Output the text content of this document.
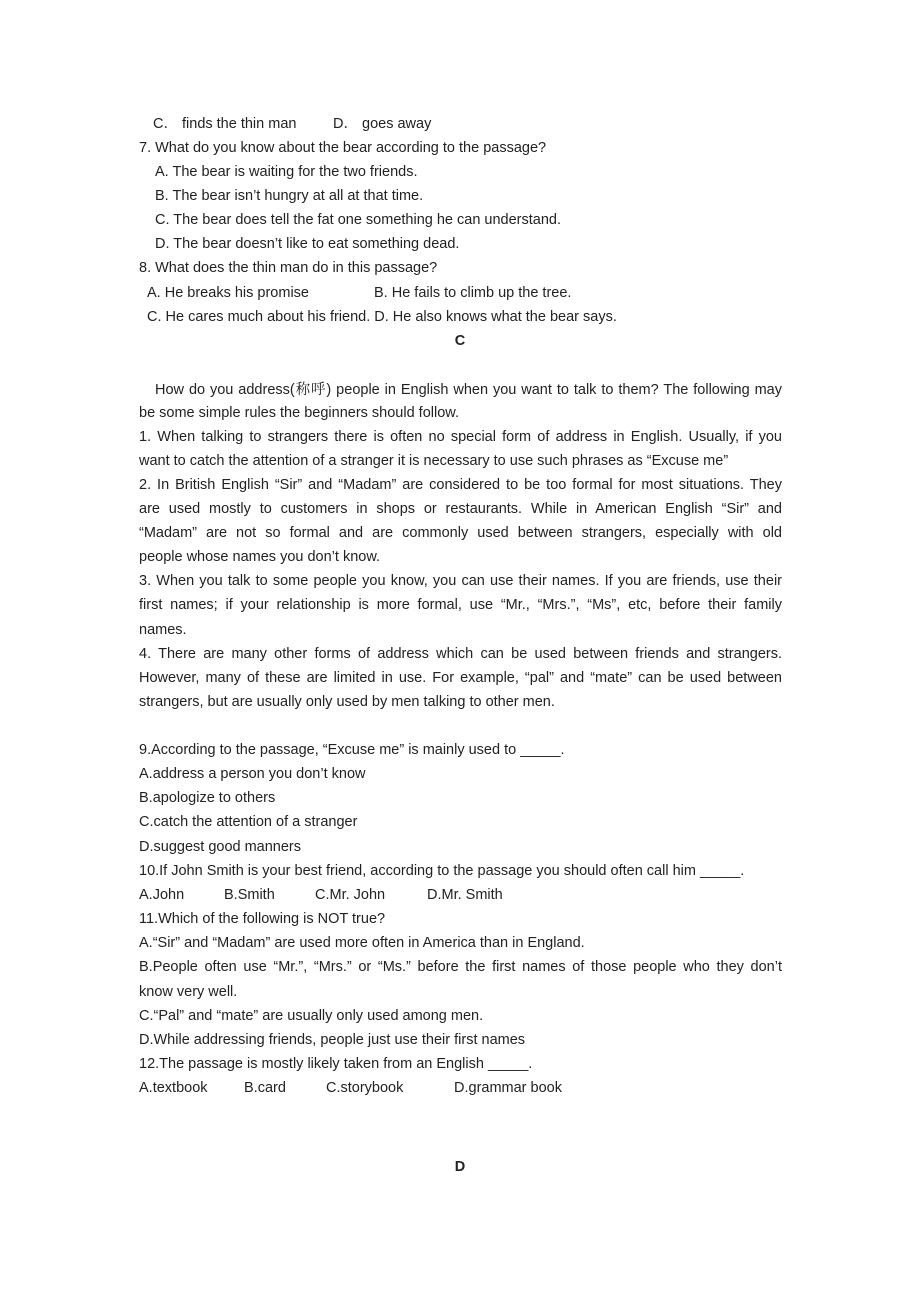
C． finds the thin man	D． goes away
7. What do you know about the bear according to the passage?
A. The bear is waiting for the two friends.
B. The bear isn’t hungry at all at that time.
C. The bear does tell the fat one something he can understand.
D. The bear doesn’t like to eat something dead.
8. What does the thin man do in this passage?
A. He breaks his promise	B. He fails to climb up the tree.
C. He cares much about his friend. D. He also knows what the bear says.
C
How do you address(称呼) people in English when you want to talk to them? The following may
be some simple rules the beginners should follow.
1. When talking to strangers there is often no special form of address in English. Usually, if you
want to catch the attention of a stranger it is necessary to use such phrases as “Excuse me”
2. In British English “Sir” and “Madam” are considered to be too formal for most situations. They
are used mostly to customers in shops or restaurants. While in American English “Sir” and
“Madam” are not so formal and are commonly used between strangers, especially with old
people whose names you don’t know.
3. When you talk to some people you know, you can use their names. If you are friends, use their
first names; if your relationship is more formal, use “Mr., “Mrs.”, “Ms”, etc, before their family
names.
4. There are many other forms of address which can be used between friends and strangers.
However, many of these are limited in use. For example, “pal” and “mate” can be used between
strangers, but are usually only used by men talking to other men.
9.According to the passage, “Excuse me” is mainly used to _____.
A.address a person you don’t know
B.apologize to others
C.catch the attention of a stranger
D.suggest good manners
10.If John Smith is your best friend, according to the passage you should often call him _____.
A.John	B.Smith	C.Mr. John	D.Mr. Smith
11.Which of the following is NOT true?
A.“Sir” and “Madam” are used more often in America than in England.
B.People often use “Mr.”, “Mrs.” or “Ms.” before the first names of those people who they don’t
know very well.
C.“Pal” and “mate” are usually only used among men.
D.While addressing friends, people just use their first names
12.The passage is mostly likely taken from an English _____.
A.textbook	B.card	C.storybook	D.grammar book
D
